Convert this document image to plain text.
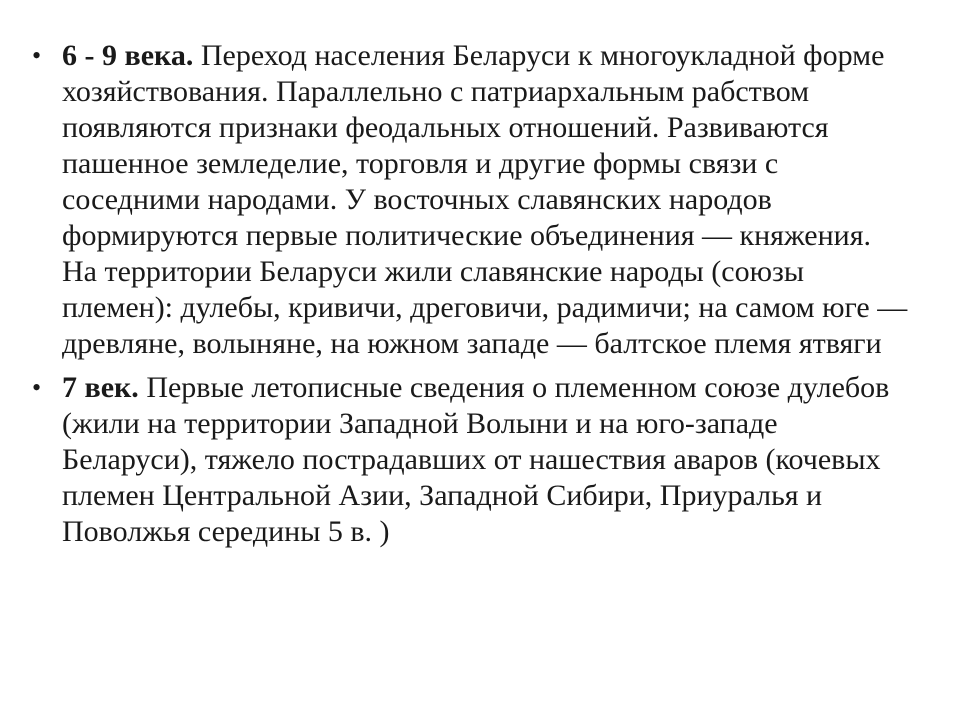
• 6 - 9 века. Переход населения Беларуси к многоукладной форме хозяйствования. Параллельно с патриархальным рабством появляются признаки феодальных отношений. Развиваются пашенное земледелие, торговля и другие формы связи с соседними народами. У восточных славянских народов формируются первые политические объединения — княжения. На территории Беларуси жили славянские народы (союзы племен): дулебы, кривичи, дреговичи, радимичи; на самом юге — древляне, волыняне, на южном западе — балтское племя ятвяги
• 7 век. Первые летописные сведения о племенном союзе дулебов (жили на территории Западной Волыни и на юго-западе Беларуси), тяжело пострадавших от нашествия аваров (кочевых племен Центральной Азии, Западной Сибири, Приуралья и Поволжья середины 5 в. )
